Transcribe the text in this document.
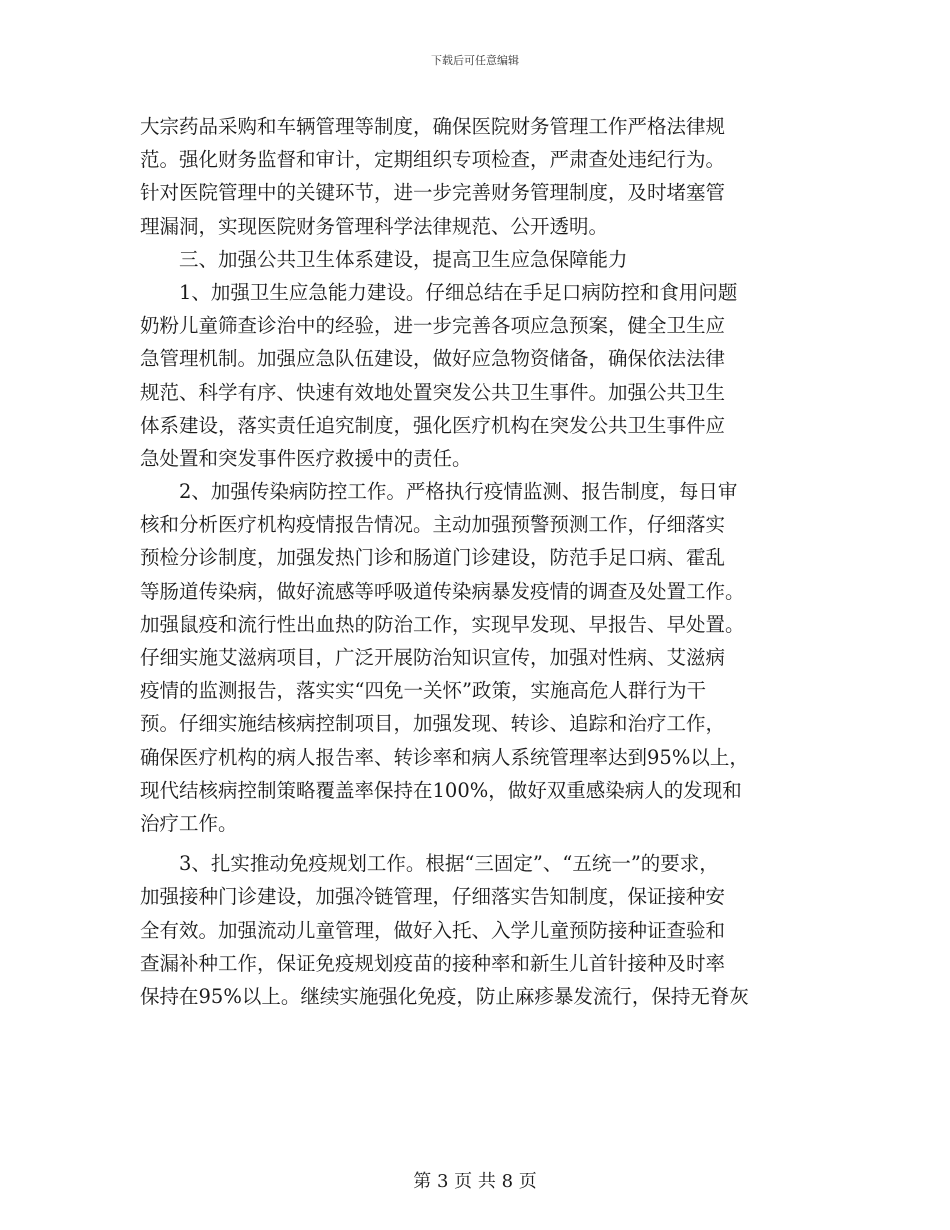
下载后可任意编辑
大宗药品采购和车辆管理等制度，确保医院财务管理工作严格法律规
范。强化财务监督和审计，定期组织专项检查，严肃查处违纪行为。
针对医院管理中的关键环节，进一步完善财务管理制度，及时堵塞管
理漏洞，实现医院财务管理科学法律规范、公开透明。
三、加强公共卫生体系建设，提高卫生应急保障能力
1、加强卫生应急能力建设。仔细总结在手足口病防控和食用问题
奶粉儿童筛查诊治中的经验，进一步完善各项应急预案，健全卫生应
急管理机制。加强应急队伍建设，做好应急物资储备，确保依法法律
规范、科学有序、快速有效地处置突发公共卫生事件。加强公共卫生
体系建设，落实责任追究制度，强化医疗机构在突发公共卫生事件应
急处置和突发事件医疗救援中的责任。
2、加强传染病防控工作。严格执行疫情监测、报告制度，每日审
核和分析医疗机构疫情报告情况。主动加强预警预测工作，仔细落实
预检分诊制度，加强发热门诊和肠道门诊建设，防范手足口病、霍乱
等肠道传染病，做好流感等呼吸道传染病暴发疫情的调查及处置工作。
加强鼠疫和流行性出血热的防治工作，实现早发现、早报告、早处置。
仔细实施艾滋病项目，广泛开展防治知识宣传，加强对性病、艾滋病
疫情的监测报告，落实实“四免一关怀”政策，实施高危人群行为干
预。仔细实施结核病控制项目，加强发现、转诊、追踪和治疗工作，
确保医疗机构的病人报告率、转诊率和病人系统管理率达到95%以上，
现代结核病控制策略覆盖率保持在100%，做好双重感染病人的发现和
治疗工作。
3、扎实推动免疫规划工作。根据“三固定”、“五统一”的要求，
加强接种门诊建设，加强冷链管理，仔细落实告知制度，保证接种安
全有效。加强流动儿童管理，做好入托、入学儿童预防接种证查验和
查漏补种工作，保证免疫规划疫苗的接种率和新生儿首针接种及时率
保持在95%以上。继续实施强化免疫，防止麻疹暴发流行，保持无脊灰
第 3 页 共 8 页
